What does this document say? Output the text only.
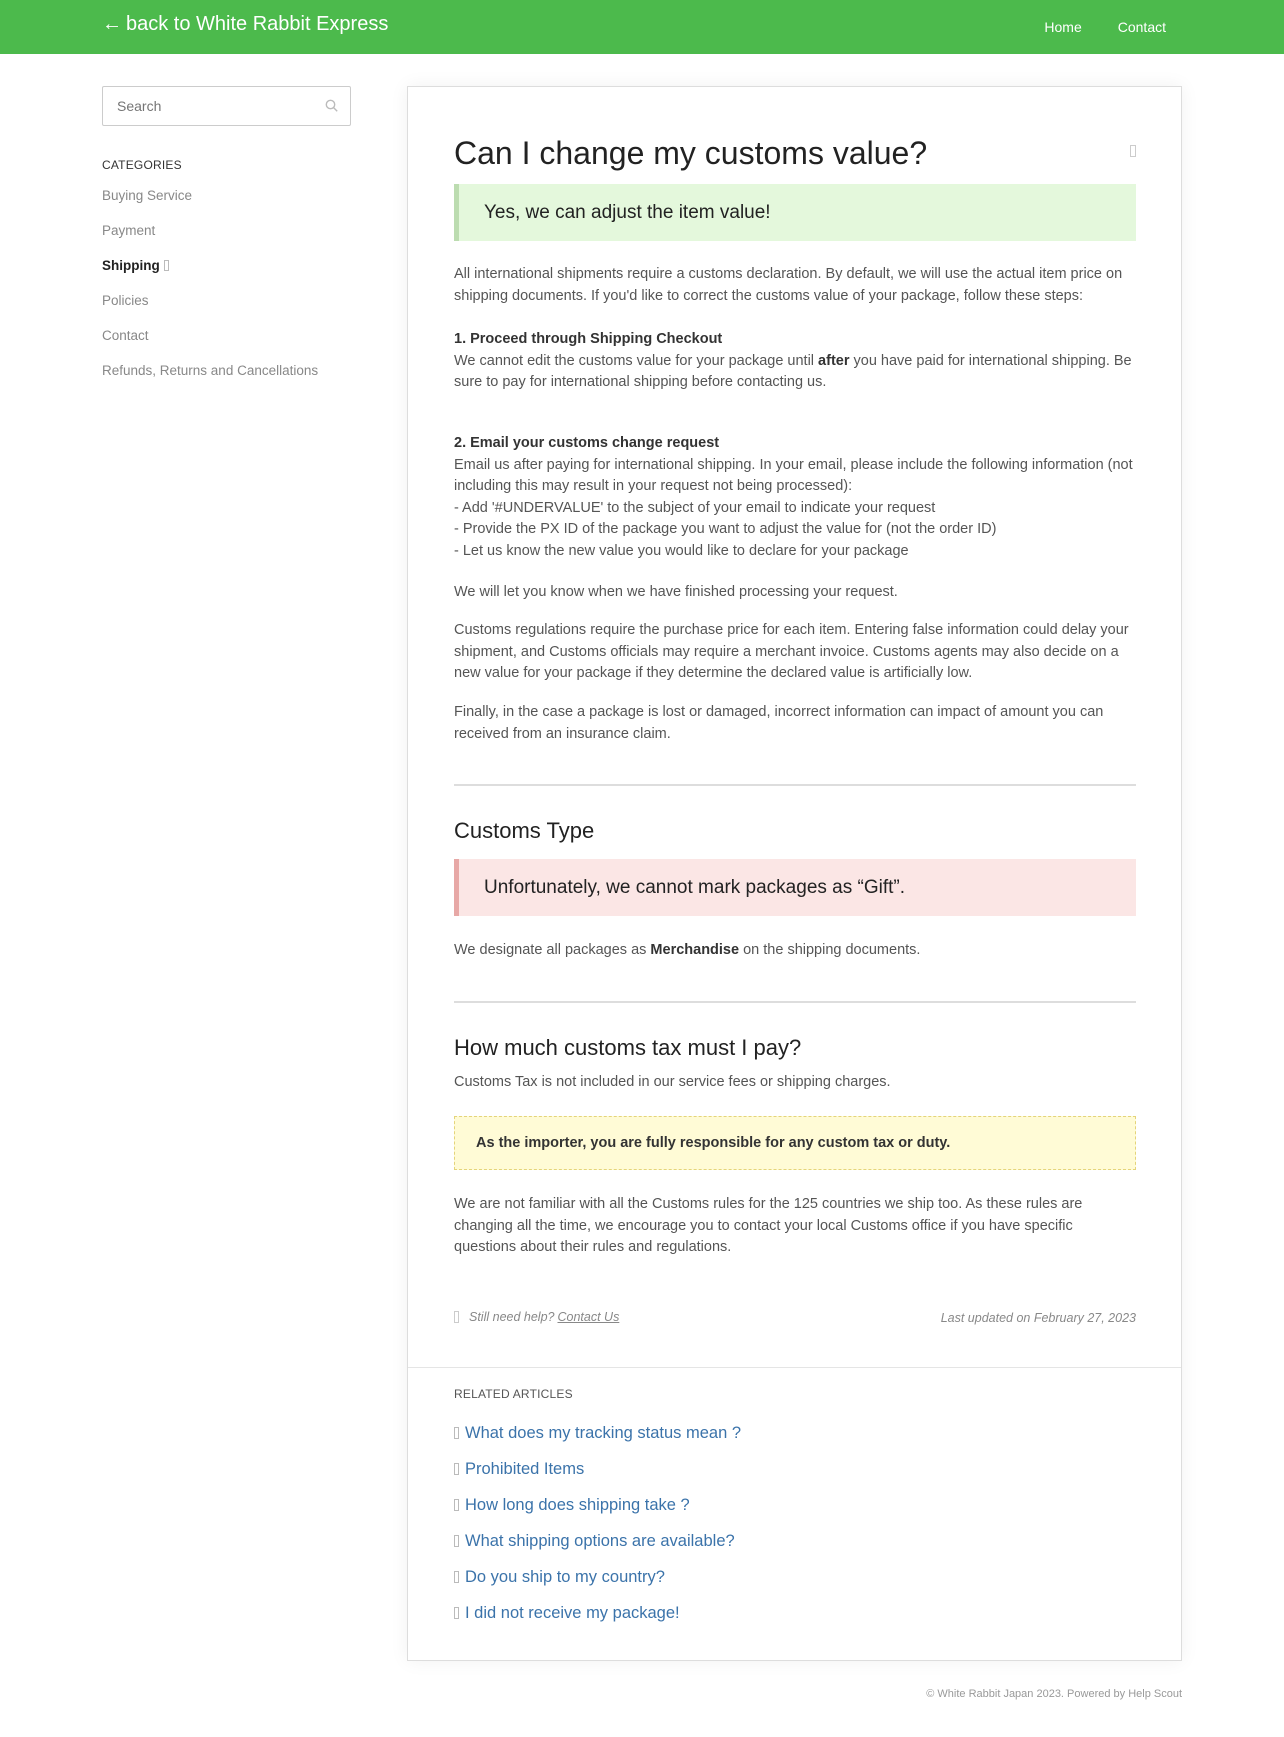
← back to White Rabbit Express	Home	Contact
Search
CATEGORIES
Buying Service
Payment
Shipping
Policies
Contact
Refunds, Returns and Cancellations
Can I change my customs value?
Yes, we can adjust the item value!

All international shipments require a customs declaration. By default, we will use the actual item price on shipping documents. If you'd like to correct the customs value of your package, follow these steps:

1. Proceed through Shipping Checkout
We cannot edit the customs value for your package until after you have paid for international shipping. Be sure to pay for international shipping before contacting us.

2. Email your customs change request
Email us after paying for international shipping. In your email, please include the following information (not including this may result in your request not being processed):
- Add '#UNDERVALUE' to the subject of your email to indicate your request
- Provide the PX ID of the package you want to adjust the value for (not the order ID)
- Let us know the new value you would like to declare for your package

We will let you know when we have finished processing your request.

Customs regulations require the purchase price for each item. Entering false information could delay your shipment, and Customs officials may require a merchant invoice. Customs agents may also decide on a new value for your package if they determine the declared value is artificially low.

Finally, in the case a package is lost or damaged, incorrect information can impact of amount you can received from an insurance claim.

Customs Type
Unfortunately, we cannot mark packages as “Gift”.

We designate all packages as Merchandise on the shipping documents.

How much customs tax must I pay?

Customs Tax is not included in our service fees or shipping charges.

As the importer, you are fully responsible for any custom tax or duty.

We are not familiar with all the Customs rules for the 125 countries we ship too. As these rules are changing all the time, we encourage you to contact your local Customs office if you have specific questions about their rules and regulations.

Still need help? Contact Us	Last updated on February 27, 2023
RELATED ARTICLES
What does my tracking status mean ?
Prohibited Items
How long does shipping take ?
What shipping options are available?
Do you ship to my country?
I did not receive my package!
© White Rabbit Japan 2023. Powered by Help Scout
